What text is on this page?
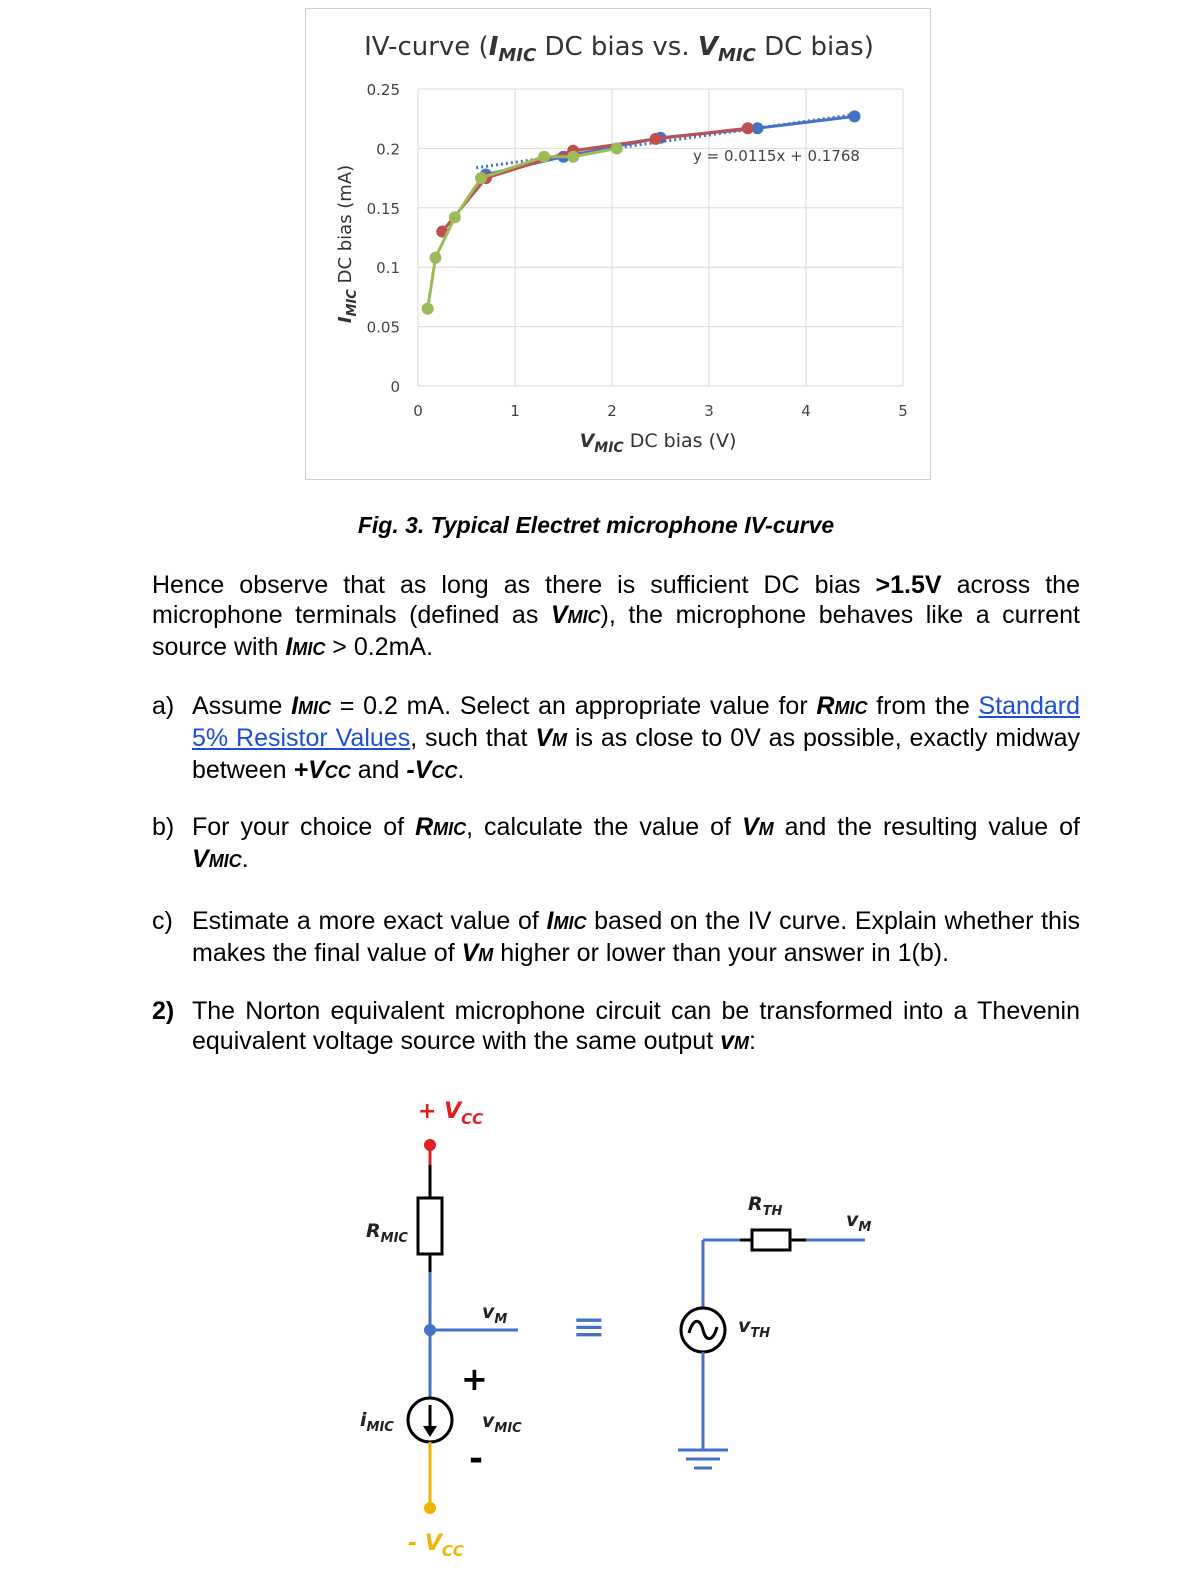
0	1	2	3	4	5
0
0.05
0.1
0.15
0.2
0.25
IV-curve ($I_{MIC}$ DC bias vs. $V_{MIC}$ DC bias)
$V_{MIC}$ DC bias (V)
$I_{MIC}$ DC bias (mA)
y = 0.0115x + 0.1768
Fig. 3. Typical Electret microphone IV-curve
Hence observe that as long as there is sufficient DC bias >1.5V across the microphone terminals (defined as VMIC), the microphone behaves like a current source with IMIC > 0.2mA.
a) Assume IMIC = 0.2 mA. Select an appropriate value for RMIC from the Standard 5% Resistor Values, such that VM is as close to 0V as possible, exactly midway between +VCC and -VCC.
b) For your choice of RMIC, calculate the value of VM and the resulting value of VMIC.
c) Estimate a more exact value of IMIC based on the IV curve. Explain whether this makes the final value of VM higher or lower than your answer in 1(b).
2) The Norton equivalent microphone circuit can be transformed into a Thevenin equivalent voltage source with the same output vM:
+ $V_{CC}$
$R_{MIC}$
$v_M$
$i_{MIC}$
+
$v_{MIC}$
-
- $V_{CC}$
≡
$R_{TH}$	$v_M$
$v_{TH}$
